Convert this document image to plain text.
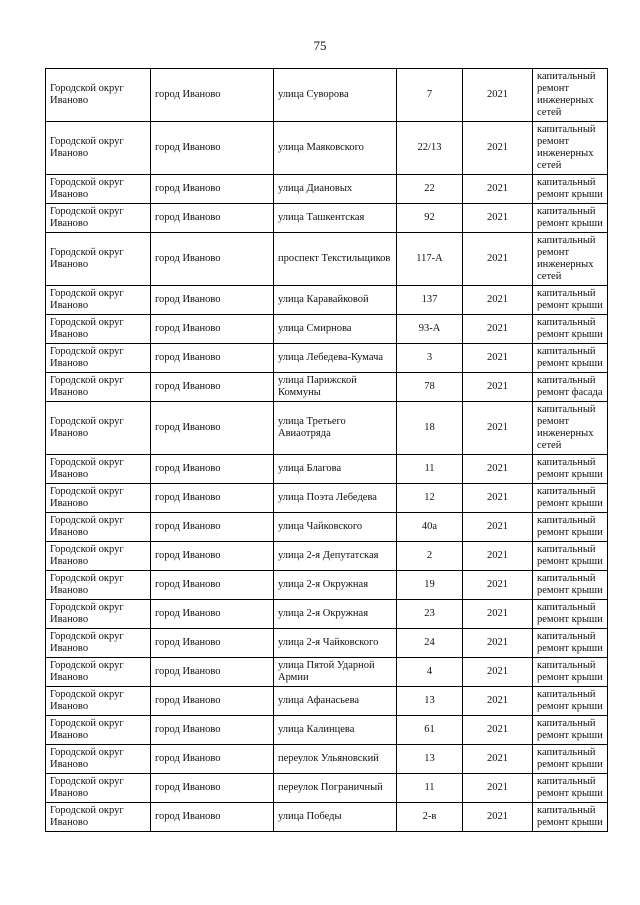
75
Городской округ Иваново	город Иваново	улица Суворова	7	2021	капитальный ремонт инженерных сетей
Городской округ Иваново	город Иваново	улица Маяковского	22/13	2021	капитальный ремонт инженерных сетей
Городской округ Иваново	город Иваново	улица Диановых	22	2021	капитальный ремонт крыши
Городской округ Иваново	город Иваново	улица Ташкентская	92	2021	капитальный ремонт крыши
Городской округ Иваново	город Иваново	проспект Текстильщиков	117-А	2021	капитальный ремонт инженерных сетей
Городской округ Иваново	город Иваново	улица Каравайковой	137	2021	капитальный ремонт крыши
Городской округ Иваново	город Иваново	улица Смирнова	93-А	2021	капитальный ремонт крыши
Городской округ Иваново	город Иваново	улица Лебедева-Кумача	3	2021	капитальный ремонт крыши
Городской округ Иваново	город Иваново	улица Парижской Коммуны	78	2021	капитальный ремонт фасада
Городской округ Иваново	город Иваново	улица Третьего Авиаотряда	18	2021	капитальный ремонт инженерных сетей
Городской округ Иваново	город Иваново	улица Благова	11	2021	капитальный ремонт крыши
Городской округ Иваново	город Иваново	улица Поэта Лебедева	12	2021	капитальный ремонт крыши
Городской округ Иваново	город Иваново	улица Чайковского	40а	2021	капитальный ремонт крыши
Городской округ Иваново	город Иваново	улица 2-я Депутатская	2	2021	капитальный ремонт крыши
Городской округ Иваново	город Иваново	улица 2-я Окружная	19	2021	капитальный ремонт крыши
Городской округ Иваново	город Иваново	улица 2-я Окружная	23	2021	капитальный ремонт крыши
Городской округ Иваново	город Иваново	улица 2-я Чайковского	24	2021	капитальный ремонт крыши
Городской округ Иваново	город Иваново	улица Пятой Ударной Армии	4	2021	капитальный ремонт крыши
Городской округ Иваново	город Иваново	улица Афанасьева	13	2021	капитальный ремонт крыши
Городской округ Иваново	город Иваново	улица Калинцева	61	2021	капитальный ремонт крыши
Городской округ Иваново	город Иваново	переулок Ульяновский	13	2021	капитальный ремонт крыши
Городской округ Иваново	город Иваново	переулок Пограничный	11	2021	капитальный ремонт крыши
Городской округ Иваново	город Иваново	улица Победы	2-в	2021	капитальный ремонт крыши
